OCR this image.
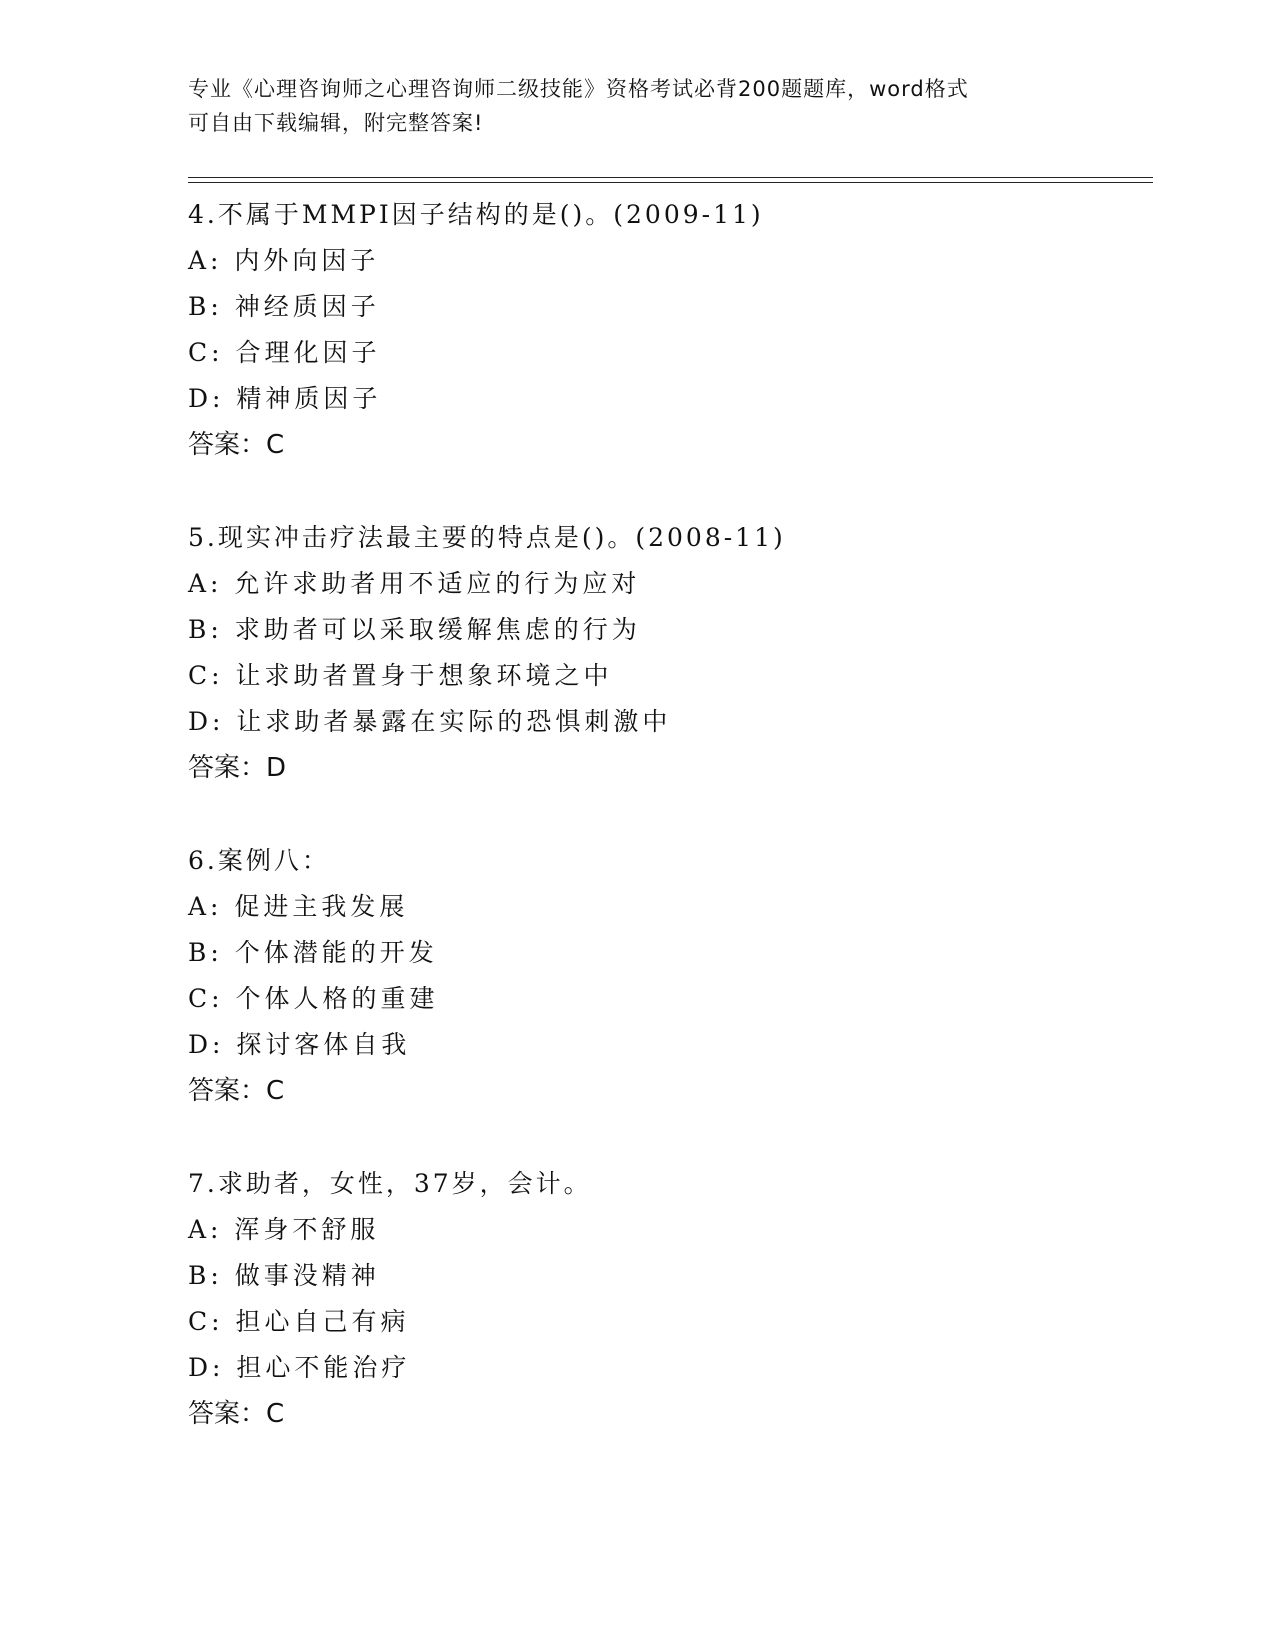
专业《心理咨询师之心理咨询师二级技能》资格考试必背200题题库，word格式
可自由下载编辑，附完整答案!
4.不属于MMPI因子结构的是()。(2009-11)
A: 内外向因子
B: 神经质因子
C: 合理化因子
D: 精神质因子
答案：C
5.现实冲击疗法最主要的特点是()。(2008-11)
A: 允许求助者用不适应的行为应对
B: 求助者可以采取缓解焦虑的行为
C: 让求助者置身于想象环境之中
D: 让求助者暴露在实际的恐惧刺激中
答案：D
6.案例八：
A: 促进主我发展
B: 个体潜能的开发
C: 个体人格的重建
D: 探讨客体自我
答案：C
7.求助者，女性，37岁，会计。
A: 浑身不舒服
B: 做事没精神
C: 担心自己有病
D: 担心不能治疗
答案：C
